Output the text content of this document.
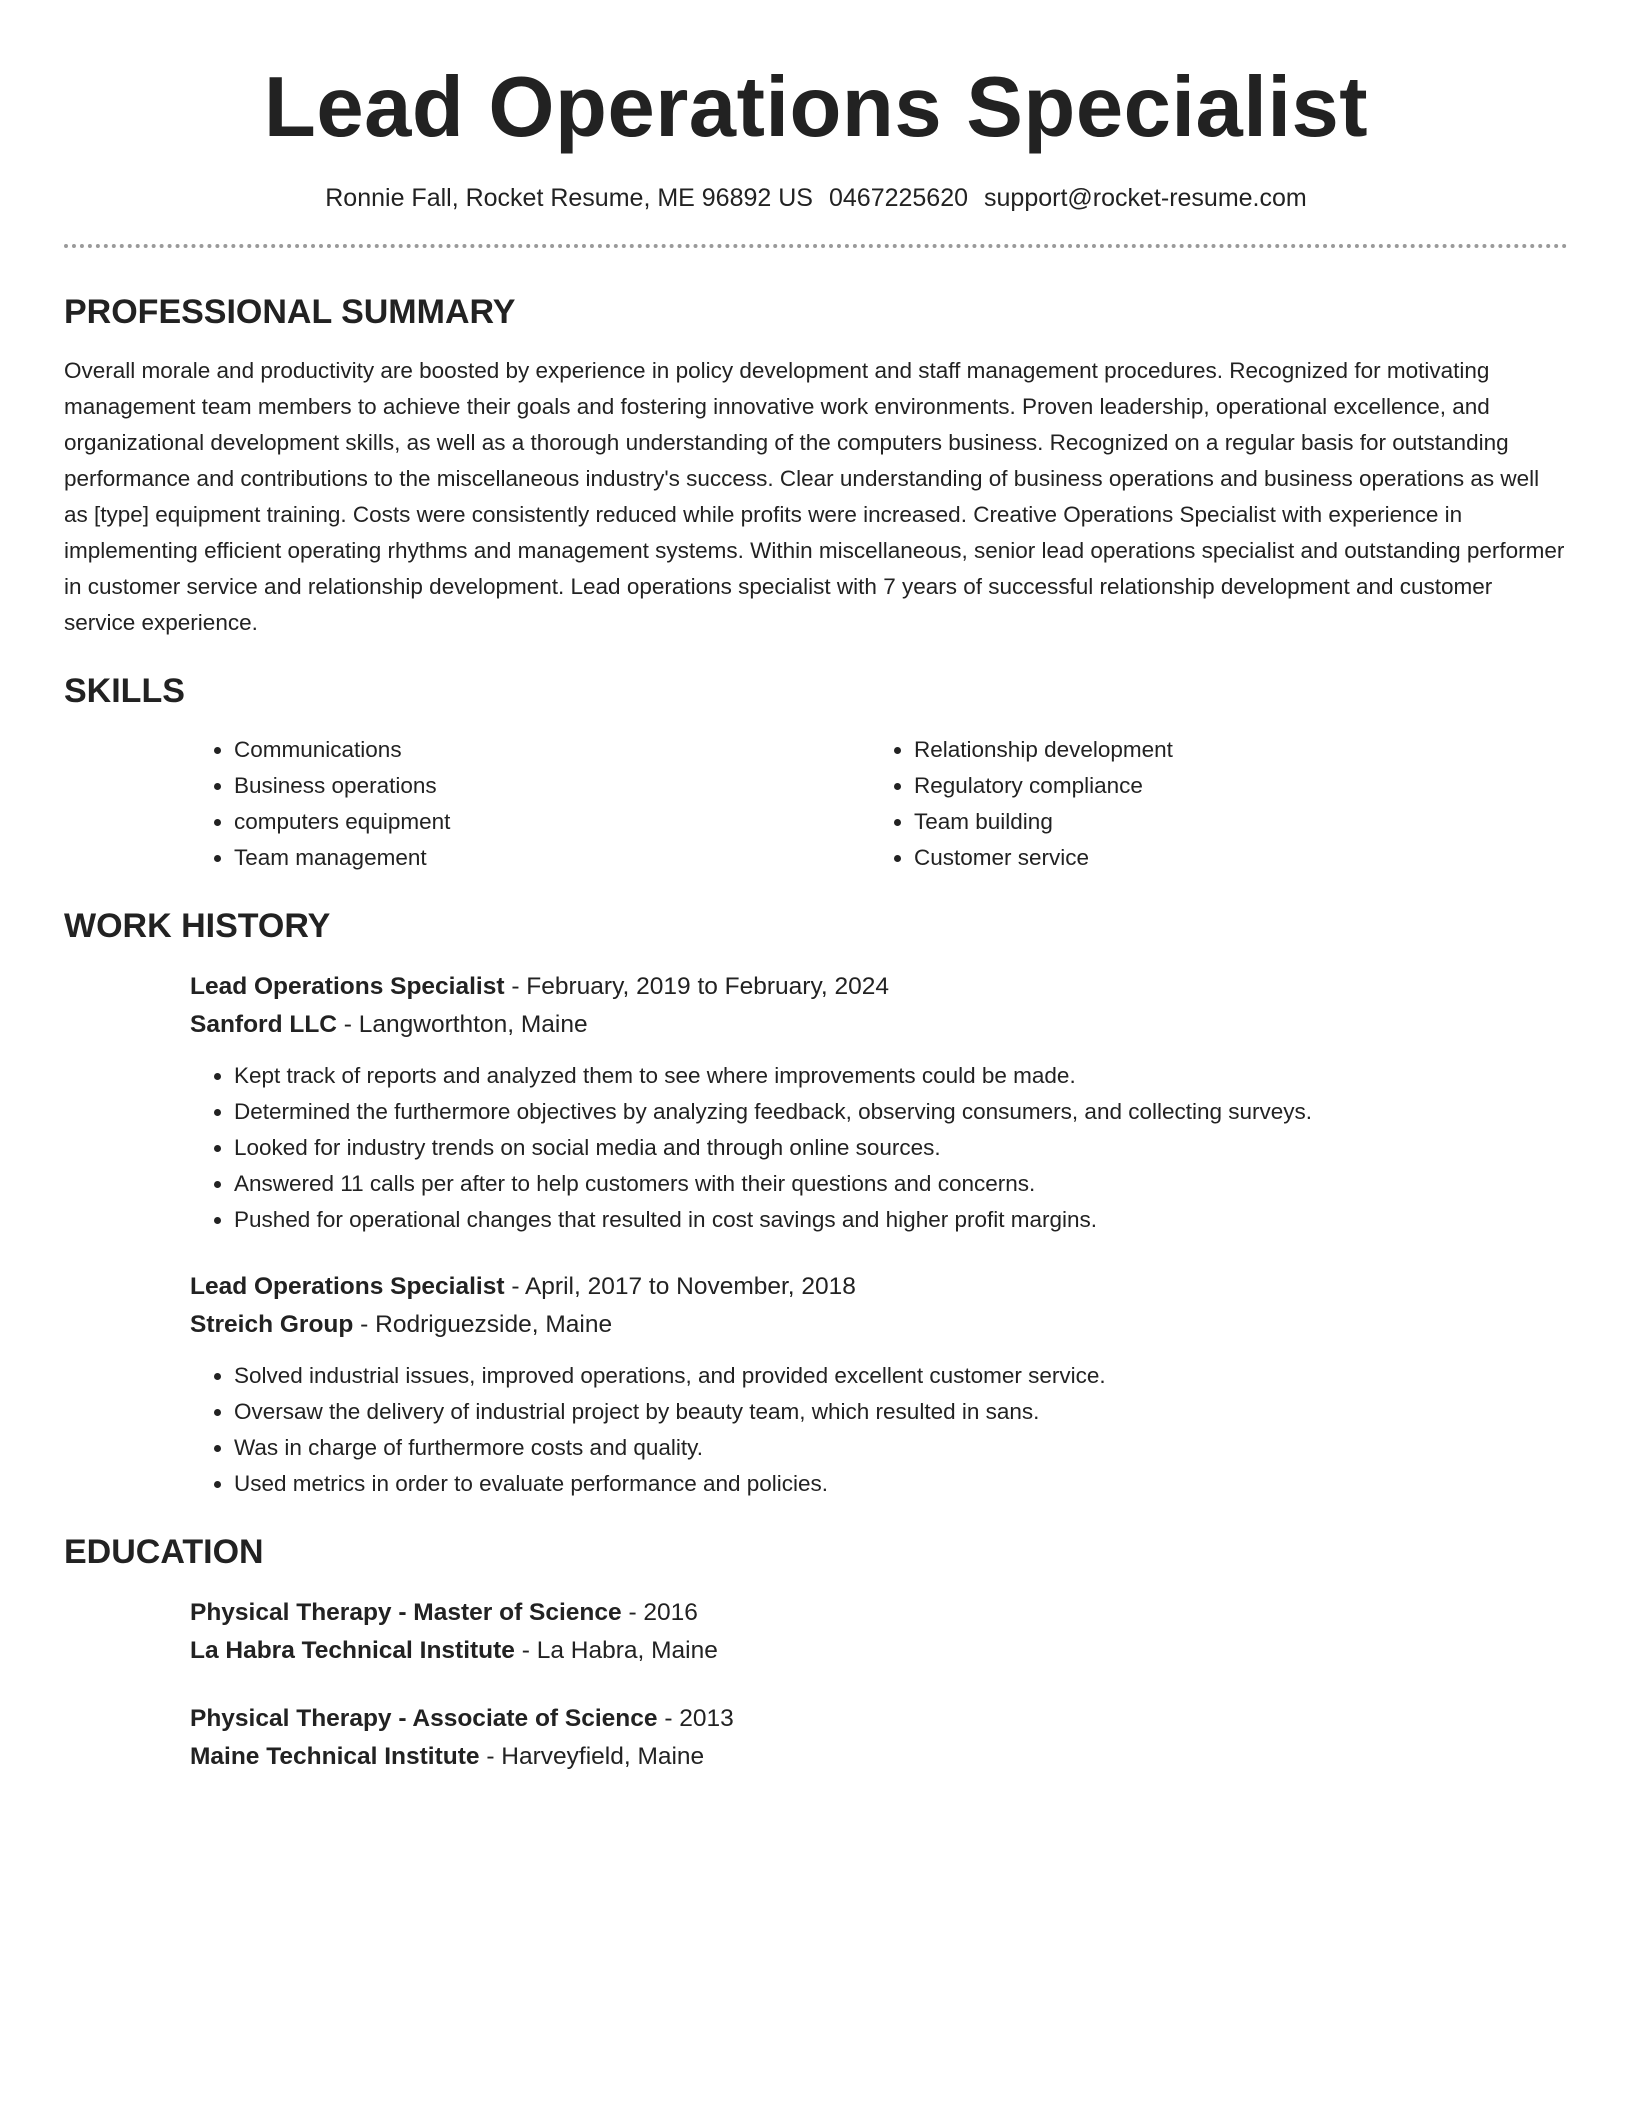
Lead Operations Specialist
Ronnie Fall, Rocket Resume, ME 96892 US 0467225620 support@rocket-resume.com
PROFESSIONAL SUMMARY

Overall morale and productivity are boosted by experience in policy development and staff management procedures. Recognized for motivating management team members to achieve their goals and fostering innovative work environments. Proven leadership, operational excellence, and organizational development skills, as well as a thorough understanding of the computers business. Recognized on a regular basis for outstanding performance and contributions to the miscellaneous industry's success. Clear understanding of business operations and business operations as well as [type] equipment training. Costs were consistently reduced while profits were increased. Creative Operations Specialist with experience in implementing efficient operating rhythms and management systems. Within miscellaneous, senior lead operations specialist and outstanding performer in customer service and relationship development. Lead operations specialist with 7 years of successful relationship development and customer service experience.

SKILLS
• Communications
• Business operations
• computers equipment
• Team management
• Relationship development
• Regulatory compliance
• Team building
• Customer service
WORK HISTORY
Lead Operations Specialist - February, 2019 to February, 2024
Sanford LLC - Langworthton, Maine
• Kept track of reports and analyzed them to see where improvements could be made.
• Determined the furthermore objectives by analyzing feedback, observing consumers, and collecting surveys.
• Looked for industry trends on social media and through online sources.
• Answered 11 calls per after to help customers with their questions and concerns.
• Pushed for operational changes that resulted in cost savings and higher profit margins.
Lead Operations Specialist - April, 2017 to November, 2018
Streich Group - Rodriguezside, Maine
• Solved industrial issues, improved operations, and provided excellent customer service.
• Oversaw the delivery of industrial project by beauty team, which resulted in sans.
• Was in charge of furthermore costs and quality.
• Used metrics in order to evaluate performance and policies.
EDUCATION
Physical Therapy - Master of Science - 2016
La Habra Technical Institute - La Habra, Maine
Physical Therapy - Associate of Science - 2013
Maine Technical Institute - Harveyfield, Maine
